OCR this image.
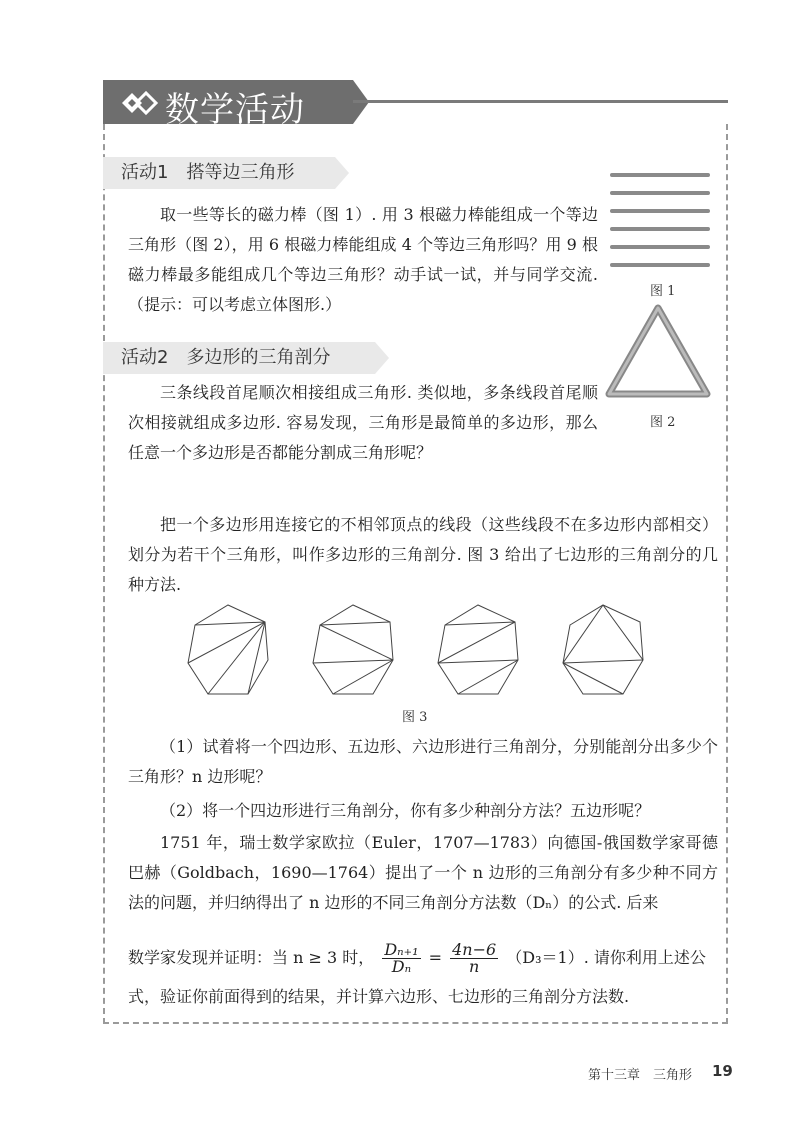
数学活动
活动1　搭等边三角形
取一些等长的磁力棒（图 1）. 用 3 根磁力棒能组成一个等边三角形（图 2），用 6 根磁力棒能组成 4 个等边三角形吗？用 9 根磁力棒最多能组成几个等边三角形？动手试一试，并与同学交流.（提示：可以考虑立体图形.）
图 1
图 2
活动2　多边形的三角剖分
三条线段首尾顺次相接组成三角形. 类似地，多条线段首尾顺次相接就组成多边形. 容易发现，三角形是最简单的多边形，那么任意一个多边形是否都能分割成三角形呢？
把一个多边形用连接它的不相邻顶点的线段（这些线段不在多边形内部相交）划分为若干个三角形，叫作多边形的三角剖分. 图 3 给出了七边形的三角剖分的几种方法.
图 3
（1）试着将一个四边形、五边形、六边形进行三角剖分，分别能剖分出多少个三角形？n 边形呢？
（2）将一个四边形进行三角剖分，你有多少种剖分方法？五边形呢？
1751 年，瑞士数学家欧拉（Euler，1707—1783）向德国-俄国数学家哥德巴赫（Goldbach，1690—1764）提出了一个 n 边形的三角剖分有多少种不同方法的问题，并归纳得出了 n 边形的不同三角剖分方法数（Dₙ）的公式. 后来
数学家发现并证明：当 n ≥ 3 时， $\frac{\text{Dₙ₊₁}}{\text{Dₙ}} = \frac{4n-6}{n} (D_3=1)$. 请你利用上述公
式，验证你前面得到的结果，并计算六边形、七边形的三角剖分方法数.
第十三章　三角形 19
